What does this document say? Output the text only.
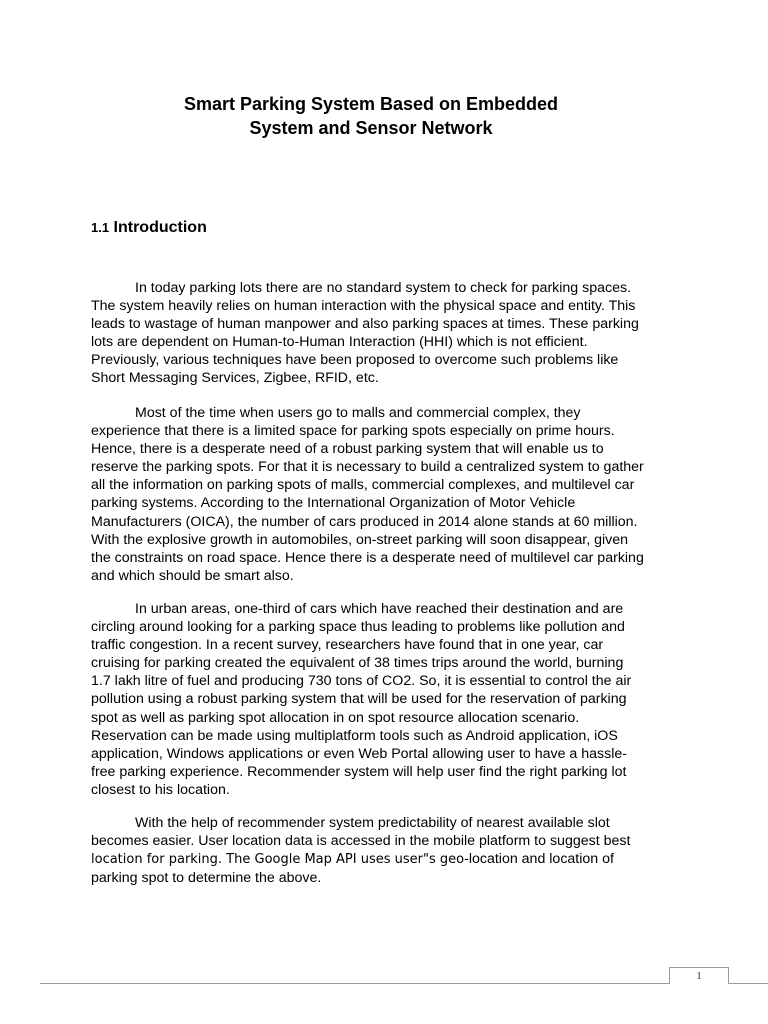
Smart Parking System Based on Embedded
System and Sensor Network
1.1 Introduction
In today parking lots there are no standard system to check for parking spaces.
The system heavily relies on human interaction with the physical space and entity. This
leads to wastage of human manpower and also parking spaces at times. These parking
lots are dependent on Human-to-Human Interaction (HHI) which is not efficient.
Previously, various techniques have been proposed to overcome such problems like
Short Messaging Services, Zigbee, RFID, etc.
Most of the time when users go to malls and commercial complex, they
experience that there is a limited space for parking spots especially on prime hours.
Hence, there is a desperate need of a robust parking system that will enable us to
reserve the parking spots. For that it is necessary to build a centralized system to gather
all the information on parking spots of malls, commercial complexes, and multilevel car
parking systems. According to the International Organization of Motor Vehicle
Manufacturers (OICA), the number of cars produced in 2014 alone stands at 60 million.
With the explosive growth in automobiles, on-street parking will soon disappear, given
the constraints on road space. Hence there is a desperate need of multilevel car parking
and which should be smart also.
In urban areas, one-third of cars which have reached their destination and are
circling around looking for a parking space thus leading to problems like pollution and
traffic congestion. In a recent survey, researchers have found that in one year, car
cruising for parking created the equivalent of 38 times trips around the world, burning
1.7 lakh litre of fuel and producing 730 tons of CO2. So, it is essential to control the air
pollution using a robust parking system that will be used for the reservation of parking
spot as well as parking spot allocation in on spot resource allocation scenario.
Reservation can be made using multiplatform tools such as Android application, iOS
application, Windows applications or even Web Portal allowing user to have a hassle-
free parking experience. Recommender system will help user find the right parking lot
closest to his location.
With the help of recommender system predictability of nearest available slot
becomes easier. User location data is accessed in the mobile platform to suggest best
location for parking. The Google Map API uses user"s geo-location and location of
parking spot to determine the above.
1
